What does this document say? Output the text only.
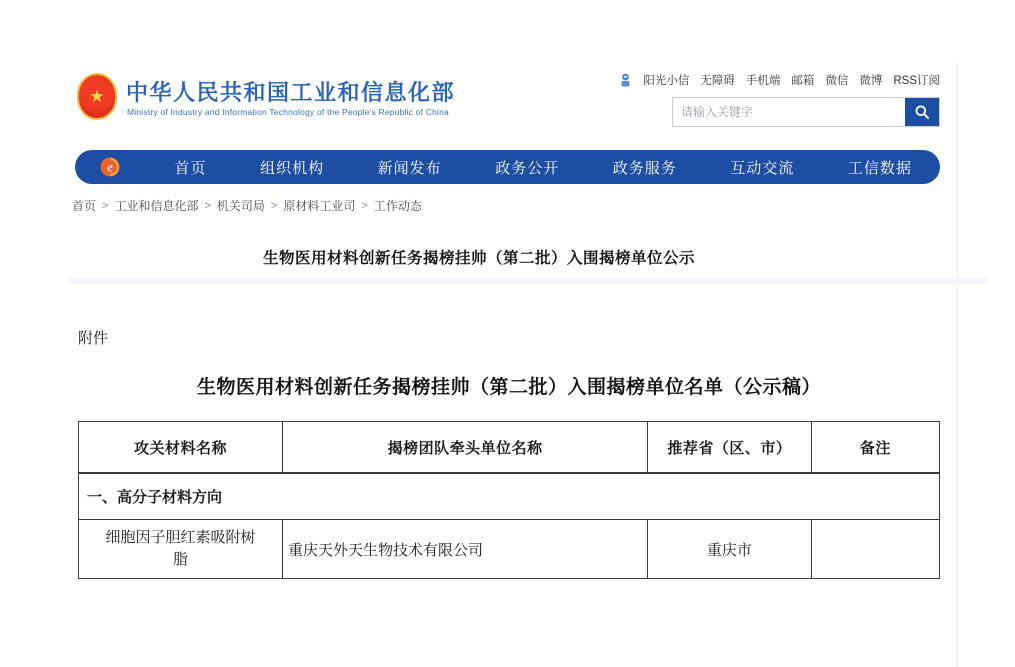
★ 中华人民共和国工业和信息化部
Ministry of Industry and Information Technology of the People's Republic of China
阳光小信 无障碍 手机端 邮箱 微信 微博 RSS订阅
请输入关键字
e	首页	组织机构	新闻发布	政务公开	政务服务	互动交流	工信数据
首页 > 工业和信息化部 > 机关司局 > 原材料工业司 > 工作动态
生物医用材料创新任务揭榜挂帅（第二批）入围揭榜单位公示
附件
生物医用材料创新任务揭榜挂帅（第二批）入围揭榜单位名单（公示稿）
攻关材料名称	揭榜团队牵头单位名称	推荐省（区、市）	备注
一、高分子材料方向			
细胞因子胆红素吸附树脂	重庆天外天生物技术有限公司	重庆市	
